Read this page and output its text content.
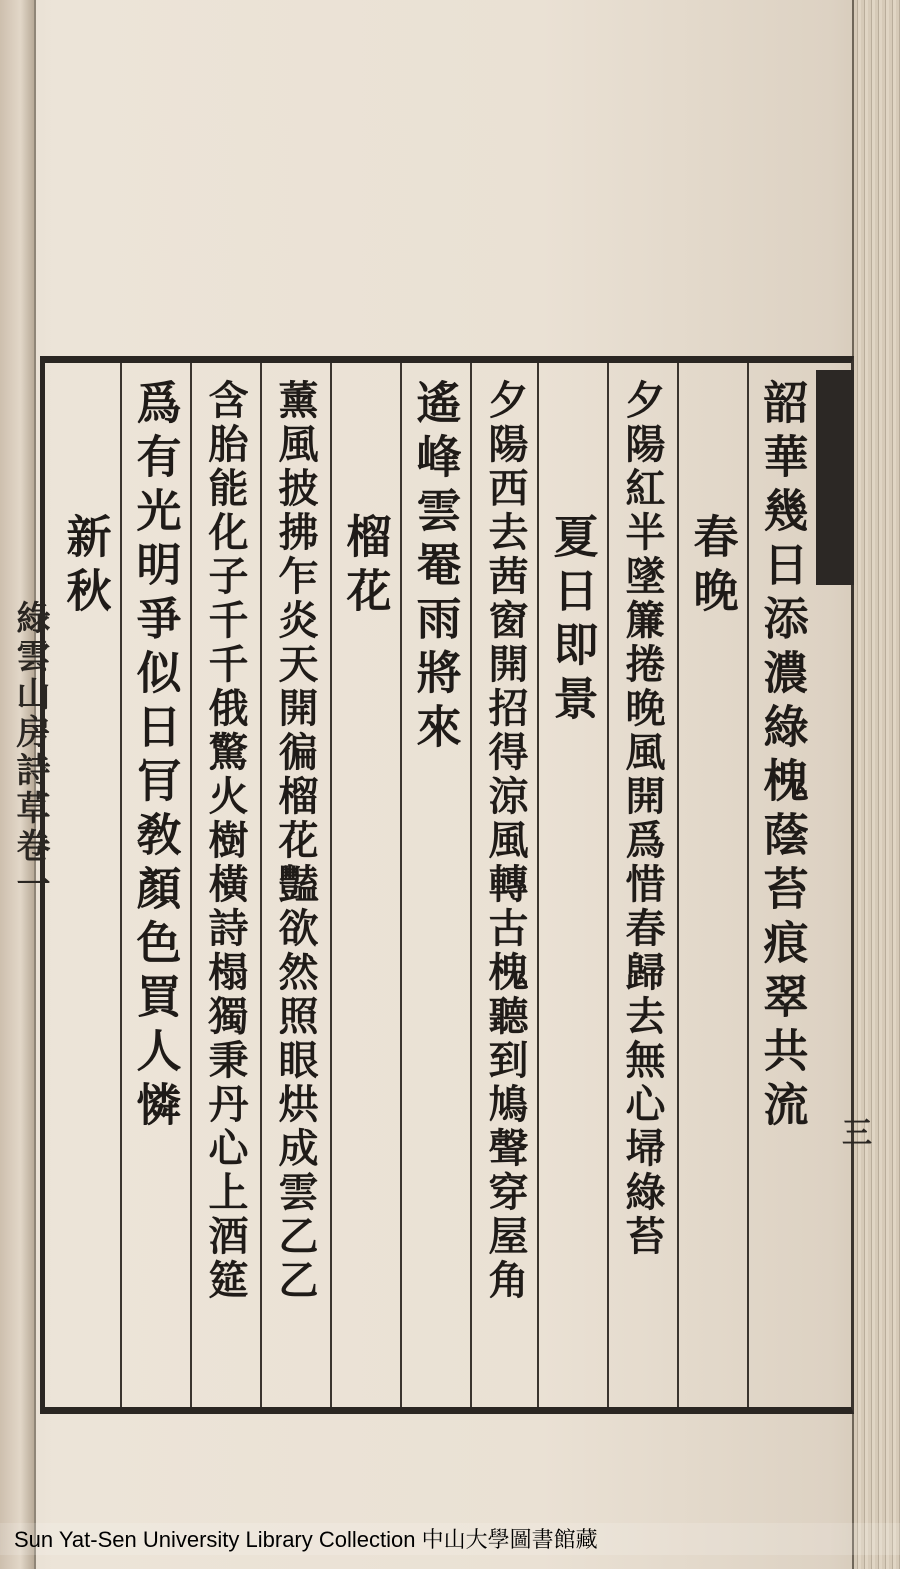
韶華幾日添濃綠槐蔭苔痕翠共流
春晚
夕陽紅半墜簾捲晚風開爲惜春歸去無心埽綠苔
夏日即景
夕陽西去茜窗開招得涼風轉古槐聽到鳩聲穿屋角
遙峰雲罨雨將來
榴花
薰風披拂乍炎天開徧榴花豔欲然照眼烘成雲乙乙
含胎能化子千千俄驚火樹橫詩榻獨秉丹心上酒筵
爲有光明爭似日肎敎顏色買人憐
新秋
綠雲山房詩草卷一
三
Sun Yat-Sen University Library Collection 中山大學圖書館藏
